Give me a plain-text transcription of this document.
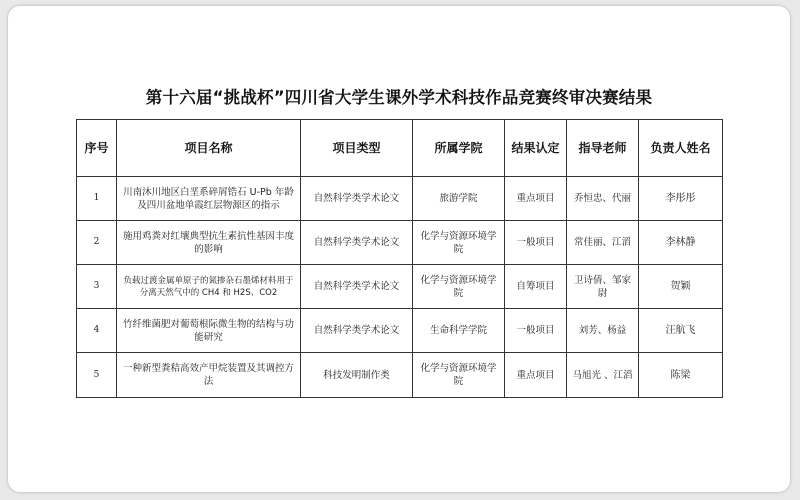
第十六届“挑战杯”四川省大学生课外学术科技作品竞赛终审决赛结果
序号	项目名称	项目类型	所属学院	结果认定	指导老师	负责人姓名
1	川南沐川地区白垩系碎屑锆石 U-Pb 年龄及四川盆地单霞红层物源区的指示	自然科学类学术论文	旅游学院	重点项目	乔恒忠、代丽	李彤彤
2	施用鸡粪对红壤典型抗生素抗性基因丰度的影响	自然科学类学术论文	化学与资源环境学院	一般项目	常佳丽、江滔	李林静
3	负载过渡金属单原子的氮掺杂石墨烯材料用于分离天然气中的 CH4 和 H2S、CO2	自然科学类学术论文	化学与资源环境学院	自筹项目	卫诗倩、邹家尉	贺颖
4	竹纤维菌肥对葡萄根际微生物的结构与功能研究	自然科学类学术论文	生命科学学院	一般项目	刘芳、杨益	汪航飞
5	一种新型粪秸高效产甲烷装置及其调控方法	科技发明制作类	化学与资源环境学院	重点项目	马旭光 、江滔	陈梁
